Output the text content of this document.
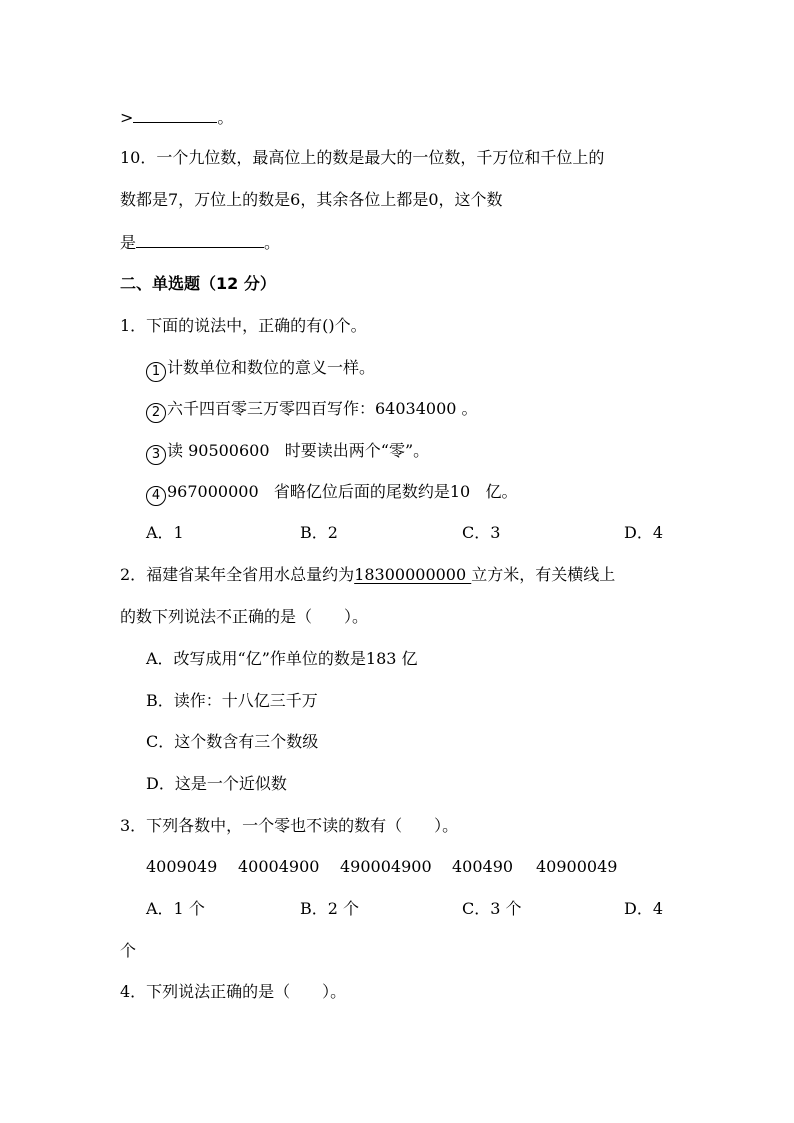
>	。
10．一个九位数，最高位上的数是最大的一位数，千万位和千位上的
数都是7，万位上的数是6，其余各位上都是0，这个数
是	。
二、单选题（12 分）
1．下面的说法中，正确的有()个。
1 计数单位和数位的意义一样。
2 六千四百零三万零四百写作：64034000 。
3 读 90500600   时要读出两个“零”。
4 967000000   省略亿位后面的尾数约是10   亿。
A．1	B．2	C．3	D．4
2．福建省某年全省用水总量约为18300000000 立方米，有关横线上
的数下列说法不正确的是（　　）。
A．改写成用“亿”作单位的数是183 亿
B．读作：十八亿三千万
C．这个数含有三个数级
D．这是一个近似数
3．下列各数中，一个零也不读的数有（　　）。
4009049 40004900 490004900 400490 40900049
A．1 个	B．2 个	C．3 个	D．4
个
4．下列说法正确的是（　　）。
